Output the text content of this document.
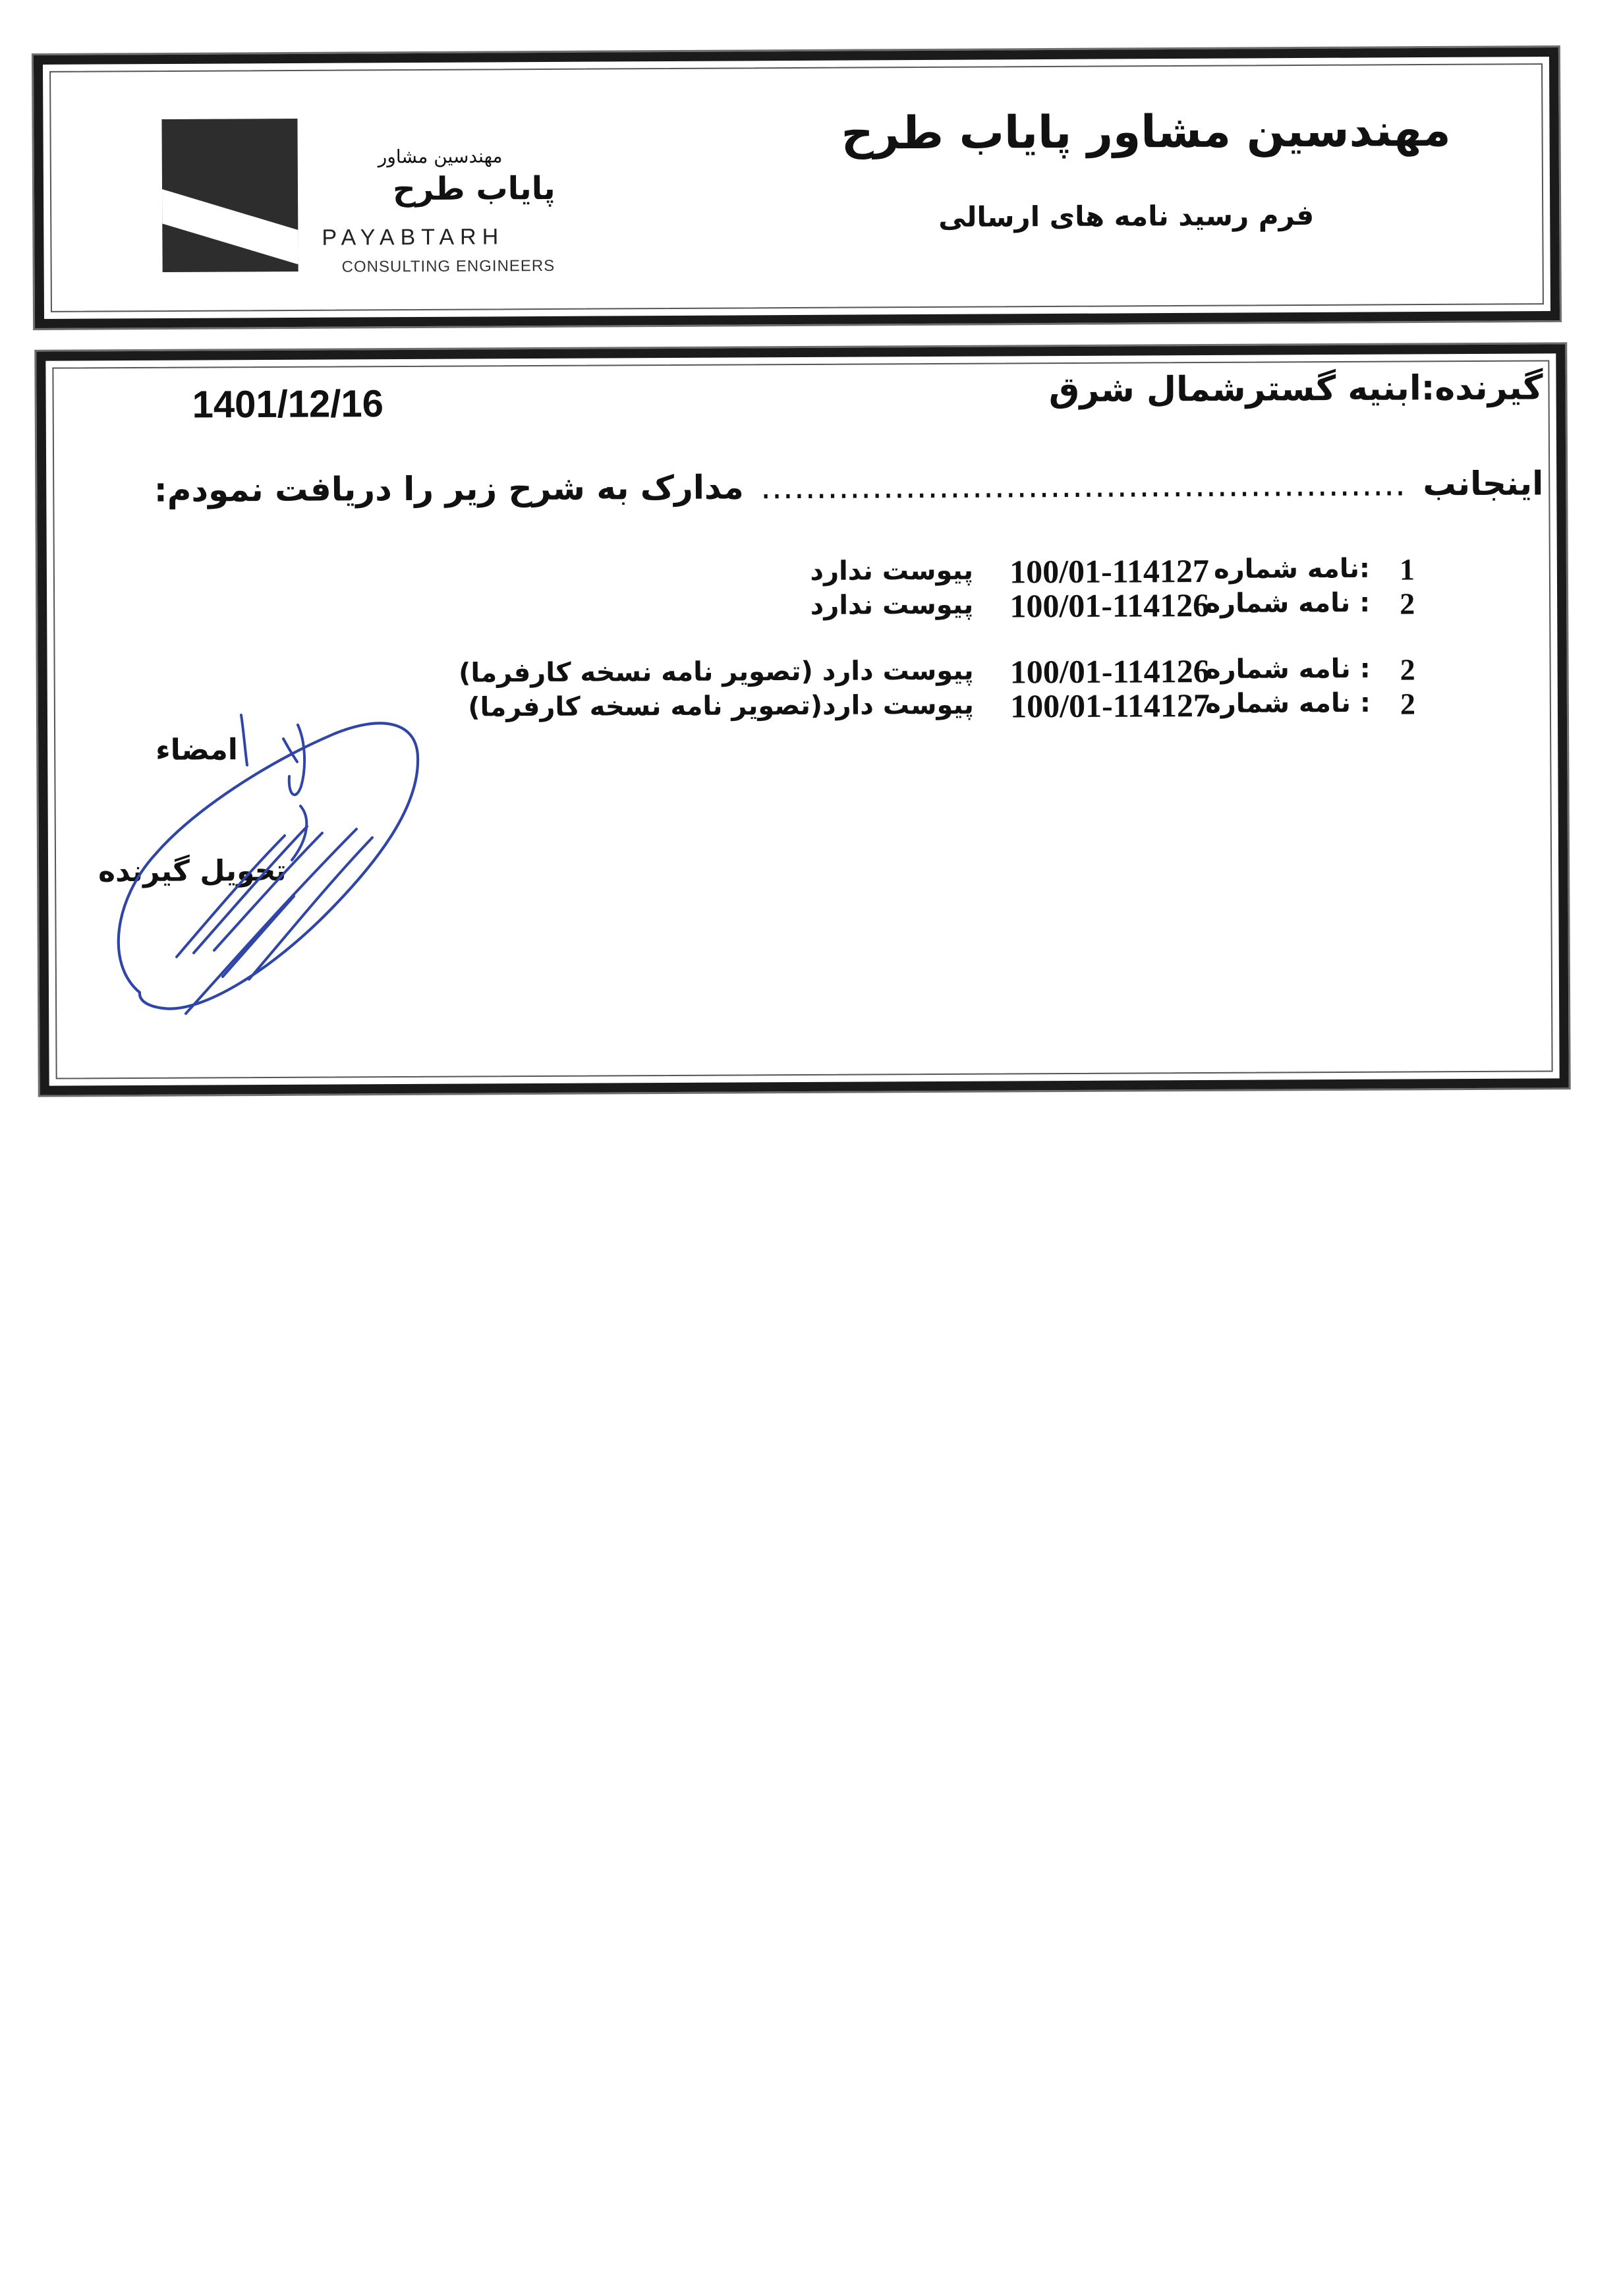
مهندسین مشاور
پایاب طرح
PAYABTARH
CONSULTING ENGINEERS
مهندسین مشاور پایاب طرح
فرم رسید نامه های ارسالی
گیرنده:ابنیه گسترشمال شرق
1401/12/16
اینجانب .......................................................... مدارک به شرح زیر را دریافت نمودم:
1
:نامه شماره
100/01-114127
پیوست ندارد
2
: نامه شماره
100/01-114126
پیوست ندارد
2
: نامه شماره
100/01-114126
پیوست دارد (تصویر نامه نسخه کارفرما)
2
: نامه شماره
100/01-114127
پیوست دارد(تصویر نامه نسخه کارفرما)
امضاء
تحویل گیرنده
